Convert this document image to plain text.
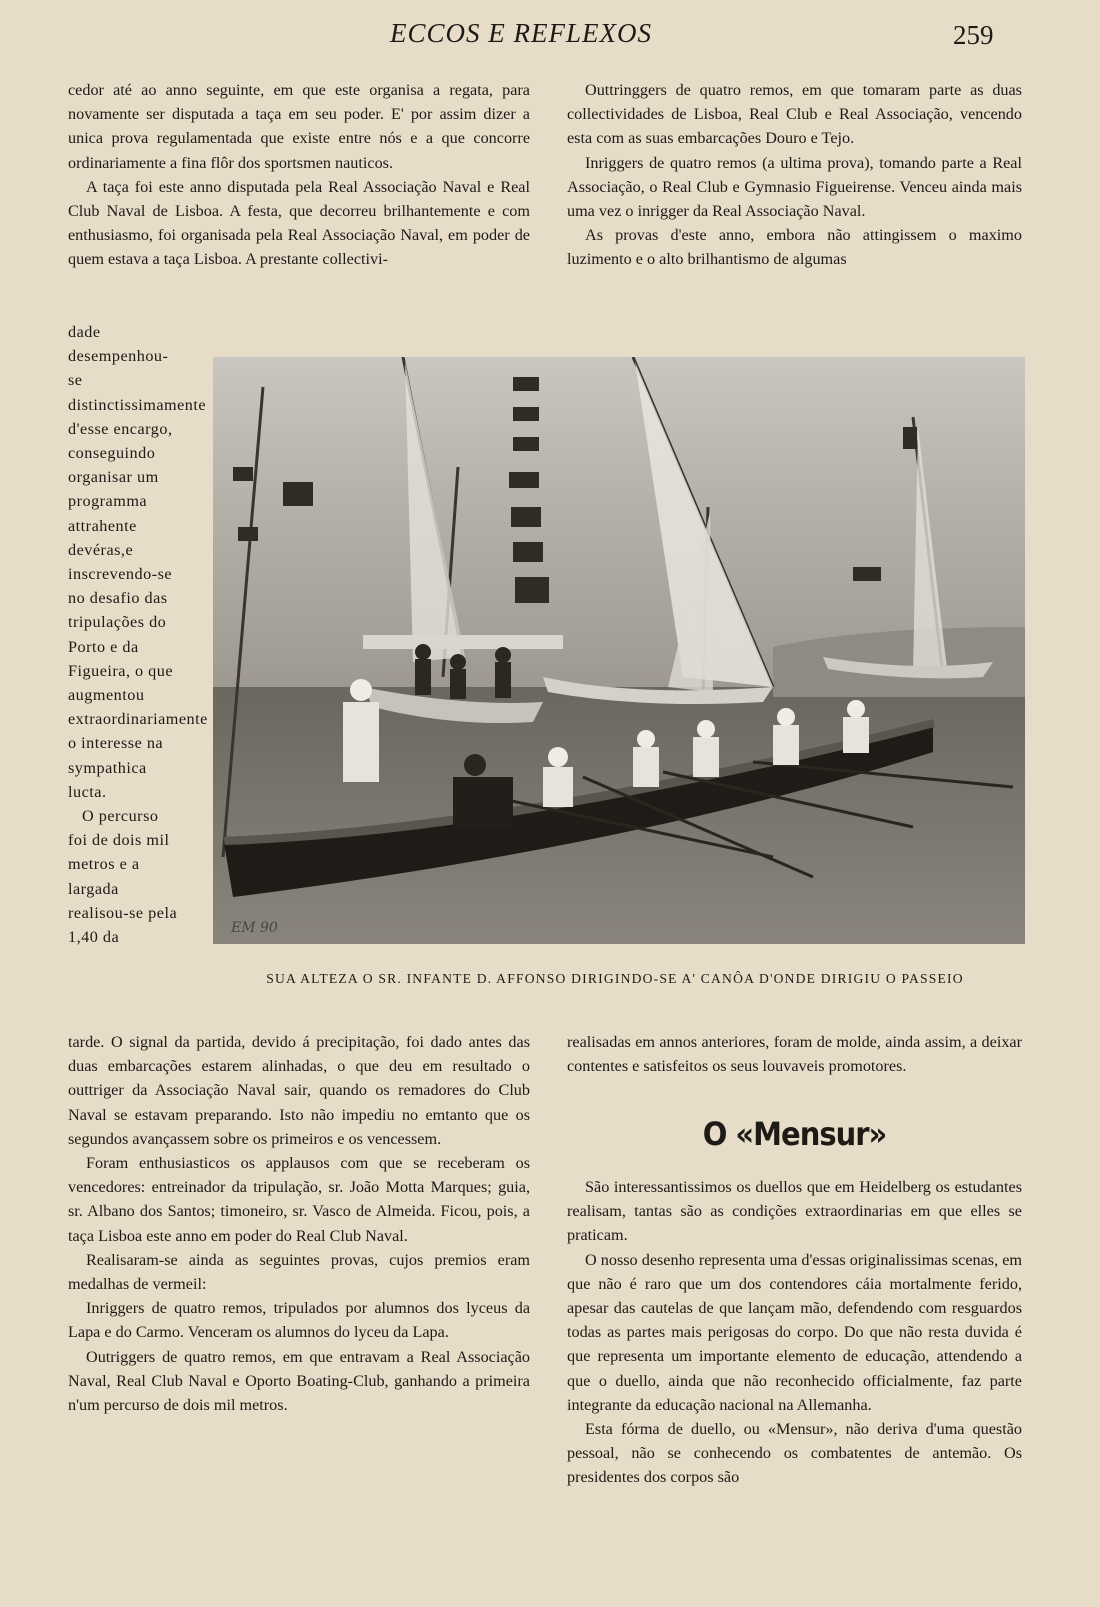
ECCOS E REFLEXOS	259

cedor até ao anno seguinte, em que este organisa a regata, para novamente ser disputada a taça em seu poder. E' por assim dizer a unica prova regulamentada que existe entre nós e a que concorre ordinariamente a fina flôr dos sportsmen nauticos.

A taça foi este anno disputada pela Real Associação Naval e Real Club Naval de Lisboa. A festa, que decorreu brilhantemente e com enthusiasmo, foi organisada pela Real Associação Naval, em poder de quem estava a taça Lisboa. A prestante collectivi-

dade desempenhou-se distinctissimamente d'esse encargo, conseguindo organisar um programma attrahente devéras,e inscrevendo-se no desafio das tripulações do Porto e da Figueira, o que augmentou extraordinariamente o interesse na sympathica lucta.

O percurso foi de dois mil metros e a largada realisou-se pela 1,40 da

tarde. O signal da partida, devido á precipitação, foi dado antes das duas embarcações estarem alinhadas, o que deu em resultado o outtriger da Associação Naval sair, quando os remadores do Club Naval se estavam preparando. Isto não impediu no emtanto que os segundos avançassem sobre os primeiros e os vencessem.

Foram enthusiasticos os applausos com que se receberam os vencedores: entreinador da tripulação, sr. João Motta Marques; guia, sr. Albano dos Santos; timoneiro, sr. Vasco de Almeida. Ficou, pois, a taça Lisboa este anno em poder do Real Club Naval.

Realisaram-se ainda as seguintes provas, cujos premios eram medalhas de vermeil:

Inriggers de quatro remos, tripulados por alumnos dos lyceus da Lapa e do Carmo. Venceram os alumnos do lyceu da Lapa.

Outriggers de quatro remos, em que entravam a Real Associação Naval, Real Club Naval e Oporto Boating-Club, ganhando a primeira n'um percurso de dois mil metros.

Outtringgers de quatro remos, em que tomaram parte as duas collectividades de Lisboa, Real Club e Real Associação, vencendo esta com as suas embarcações Douro e Tejo.

Inriggers de quatro remos (a ultima prova), tomando parte a Real Associação, o Real Club e Gymnasio Figueirense. Venceu ainda mais uma vez o inrigger da Real Associação Naval.

As provas d'este anno, embora não attingissem o maximo luzimento e o alto brilhantismo de algumas

EM 90
SUA ALTEZA O SR. INFANTE D. AFFONSO DIRIGINDO-SE A' CANÔA D'ONDE DIRIGIU O PASSEIO

realisadas em annos anteriores, foram de molde, ainda assim, a deixar contentes e satisfeitos os seus louvaveis promotores.

O «Mensur»

São interessantissimos os duellos que em Heidelberg os estudantes realisam, tantas são as condições extraordinarias em que elles se praticam.

O nosso desenho representa uma d'essas originalissimas scenas, em que não é raro que um dos contendores cáia mortalmente ferido, apesar das cautelas de que lançam mão, defendendo com resguardos todas as partes mais perigosas do corpo. Do que não resta duvida é que representa um importante elemento de educação, attendendo a que o duello, ainda que não reconhecido officialmente, faz parte integrante da educação nacional na Allemanha.

Esta fórma de duello, ou «Mensur», não deriva d'uma questão pessoal, não se conhecendo os combatentes de antemão. Os presidentes dos corpos são
